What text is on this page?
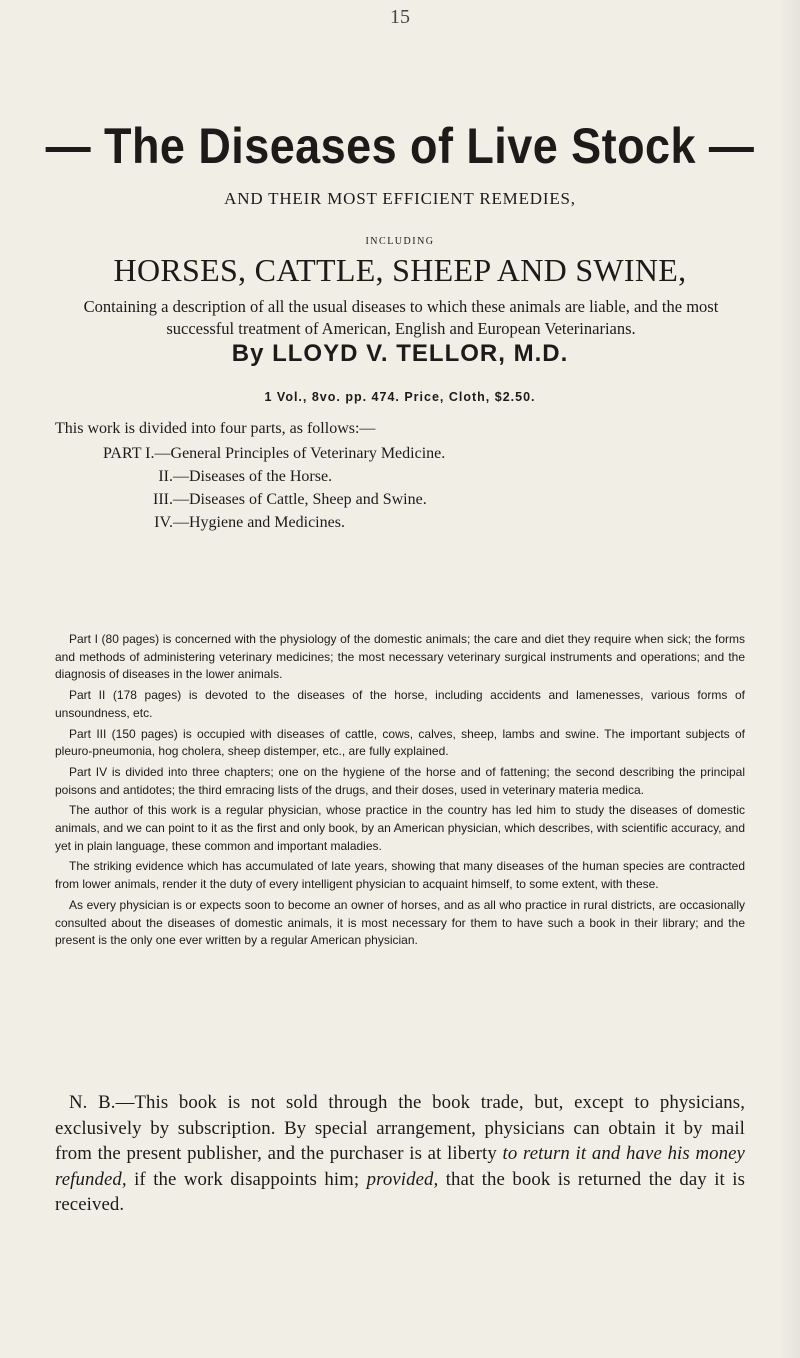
15
— The Diseases of Live Stock —
AND THEIR MOST EFFICIENT REMEDIES,
INCLUDING
HORSES, CATTLE, SHEEP AND SWINE,
Containing a description of all the usual diseases to which these animals are liable, and the most successful treatment of American, English and European Veterinarians.
By LLOYD V. TELLOR, M.D.
1 Vol., 8vo. pp. 474. Price, Cloth, $2.50.
This work is divided into four parts, as follows:—
PART I. —General Principles of Veterinary Medicine.
II. —Diseases of the Horse.
III. —Diseases of Cattle, Sheep and Swine.
IV. —Hygiene and Medicines.

Part I (80 pages) is concerned with the physiology of the domestic animals; the care and diet they require when sick; the forms and methods of administering veterinary medicines; the most necessary veterinary surgical instruments and operations; and the diagnosis of diseases in the lower animals.

Part II (178 pages) is devoted to the diseases of the horse, including accidents and lamenesses, various forms of unsoundness, etc.

Part III (150 pages) is occupied with diseases of cattle, cows, calves, sheep, lambs and swine. The important subjects of pleuro-pneumonia, hog cholera, sheep distemper, etc., are fully explained.

Part IV is divided into three chapters; one on the hygiene of the horse and of fattening; the second describing the principal poisons and antidotes; the third emracing lists of the drugs, and their doses, used in veterinary materia medica.

The author of this work is a regular physician, whose practice in the country has led him to study the diseases of domestic animals, and we can point to it as the first and only book, by an American physician, which describes, with scientific accuracy, and yet in plain language, these common and important maladies.

The striking evidence which has accumulated of late years, showing that many diseases of the human species are contracted from lower animals, render it the duty of every intelligent physician to acquaint himself, to some extent, with these.

As every physician is or expects soon to become an owner of horses, and as all who practice in rural districts, are occasionally consulted about the diseases of domestic animals, it is most necessary for them to have such a book in their library; and the present is the only one ever written by a regular American physician.

N. B.—This book is not sold through the book trade, but, except to physicians, exclusively by subscription. By special arrangement, physicians can obtain it by mail from the present publisher, and the purchaser is at liberty to return it and have his money refunded, if the work disappoints him; provided, that the book is returned the day it is received.
